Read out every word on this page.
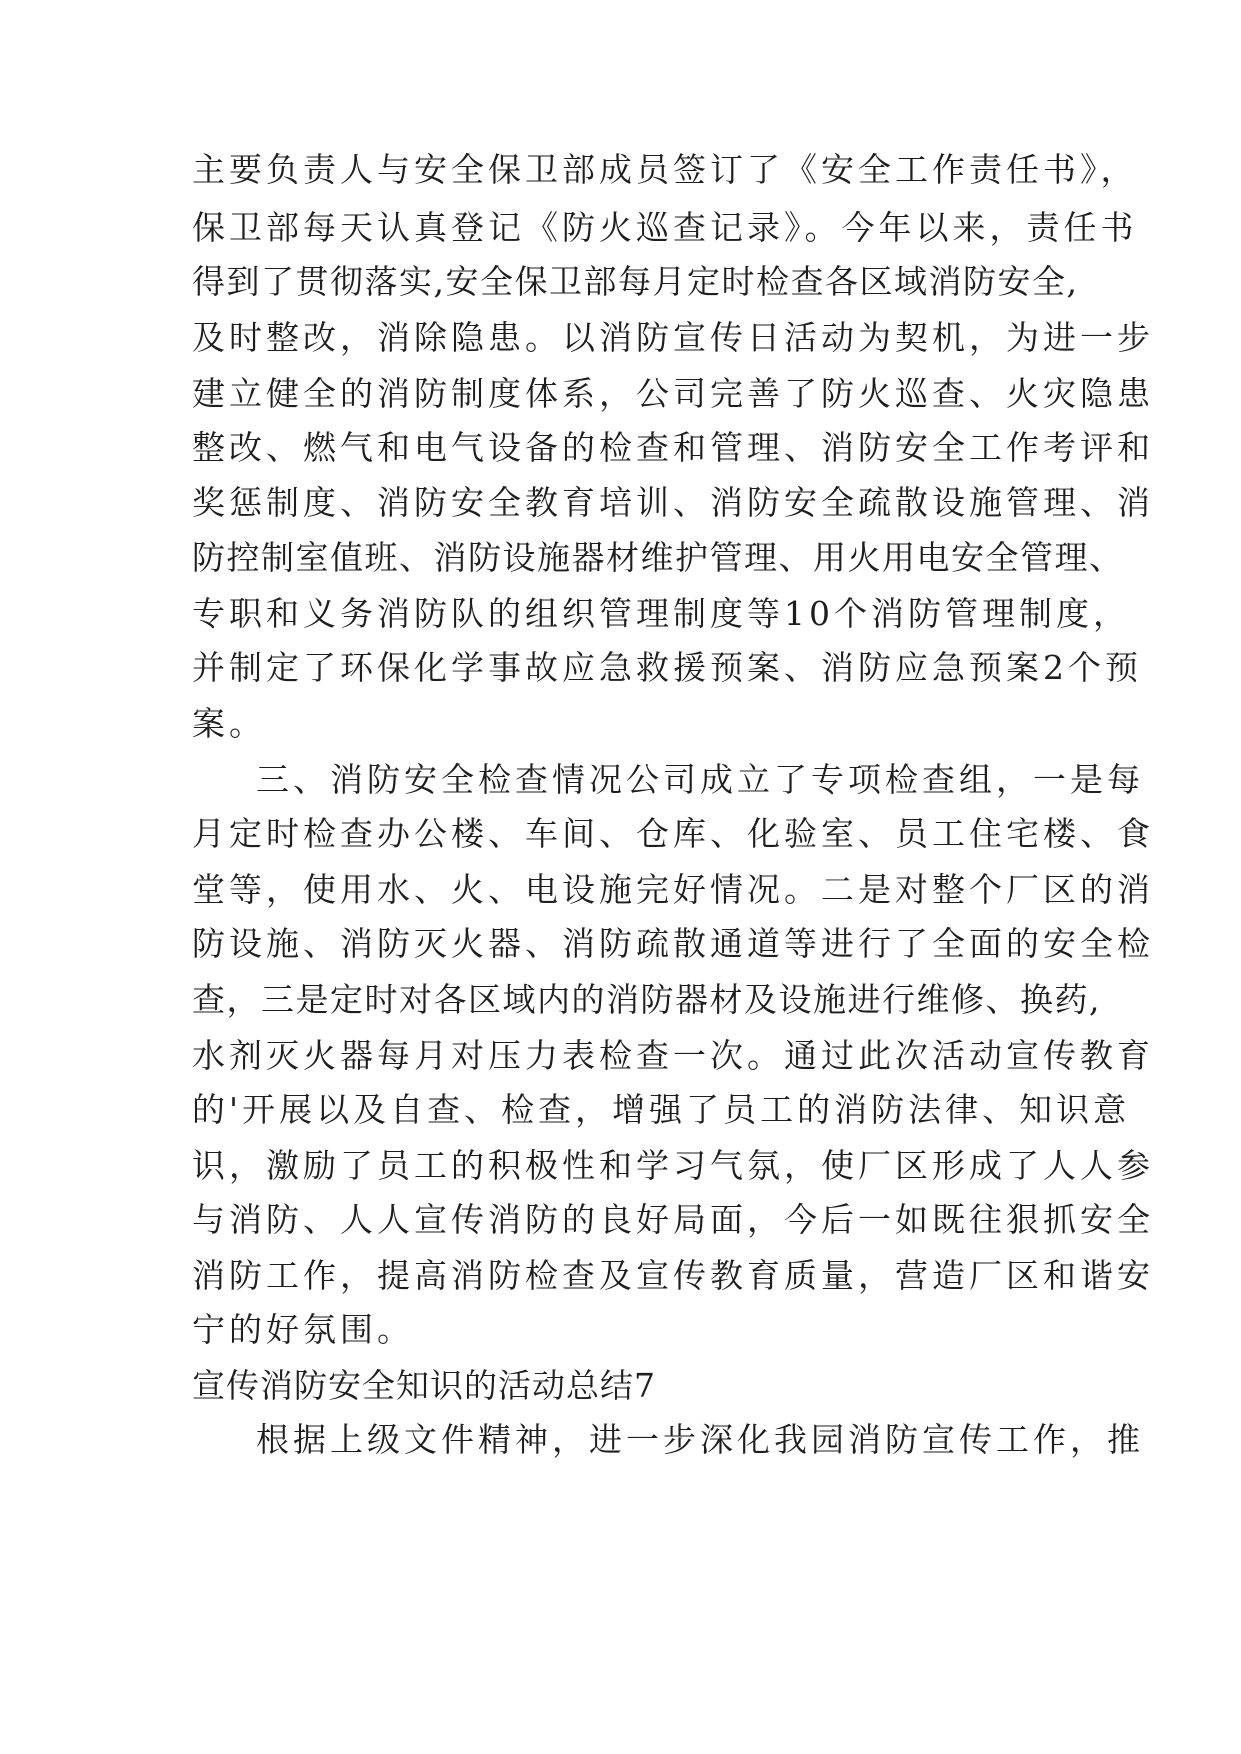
主要负责人与安全保卫部成员签订了《安全工作责任书》，
保卫部每天认真登记《防火巡查记录》。今年以来，责任书
得到了贯彻落实,安全保卫部每月定时检查各区域消防安全,
及时整改，消除隐患。以消防宣传日活动为契机，为进一步
建立健全的消防制度体系，公司完善了防火巡查、火灾隐患
整改、燃气和电气设备的检查和管理、消防安全工作考评和
奖惩制度、消防安全教育培训、消防安全疏散设施管理、消
防控制室值班、消防设施器材维护管理、用火用电安全管理、
专职和义务消防队的组织管理制度等10个消防管理制度，
并制定了环保化学事故应急救援预案、消防应急预案2个预
案。
三、消防安全检查情况公司成立了专项检查组，一是每
月定时检查办公楼、车间、仓库、化验室、员工住宅楼、食
堂等，使用水、火、电设施完好情况。二是对整个厂区的消
防设施、消防灭火器、消防疏散通道等进行了全面的安全检
查，三是定时对各区域内的消防器材及设施进行维修、换药,
水剂灭火器每月对压力表检查一次。通过此次活动宣传教育
的'开展以及自查、检查，增强了员工的消防法律、知识意
识，激励了员工的积极性和学习气氛，使厂区形成了人人参
与消防、人人宣传消防的良好局面，今后一如既往狠抓安全
消防工作，提高消防检查及宣传教育质量，营造厂区和谐安
宁的好氛围。
宣传消防安全知识的活动总结7
根据上级文件精神，进一步深化我园消防宣传工作，推
